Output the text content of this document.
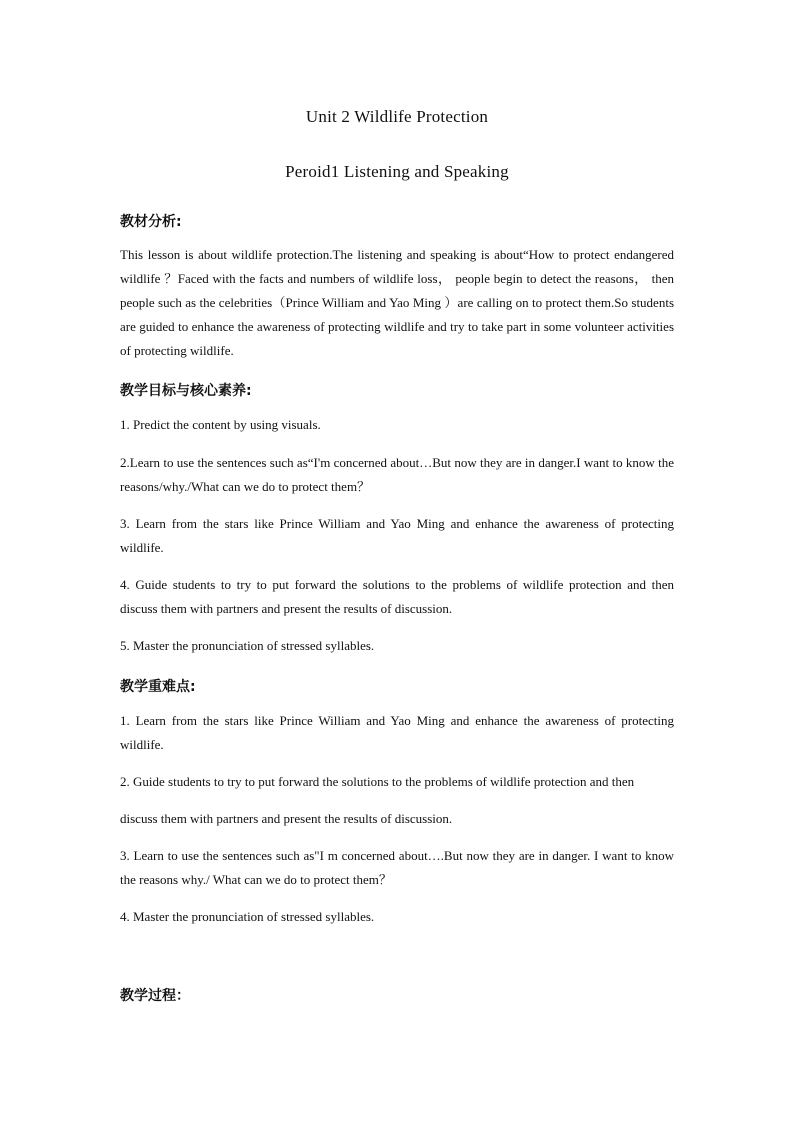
Unit 2 Wildlife Protection
Peroid1 Listening and Speaking
教材分析:

This lesson is about wildlife protection.The listening and speaking is about“How to protect endangered wildlife ？Faced with the facts and numbers of wildlife loss， people begin to detect the reasons， then people such as the celebrities（Prince William and Yao Ming ）are calling on to protect them.So students are guided to enhance the awareness of protecting wildlife and try to take part in some volunteer activities of protecting wildlife.

教学目标与核心素养:

1. Predict the content by using visuals.

2.Learn to use the sentences such as“I'm concerned about…But now they are in danger.I want to know the reasons/why./What can we do to protect them？

3. Learn from the stars like Prince William and Yao Ming and enhance the awareness of protecting wildlife.

4. Guide students to try to put forward the solutions to the problems of wildlife protection and then discuss them with partners and present the results of discussion.

5. Master the pronunciation of stressed syllables.

教学重难点:

1. Learn from the stars like Prince William and Yao Ming and enhance the awareness of protecting wildlife.

2. Guide students to try to put forward the solutions to the problems of wildlife protection and then

discuss them with partners and present the results of discussion.

3. Learn to use the sentences such as"I m concerned about….But now they are in danger. I want to know the reasons why./ What can we do to protect them？

4. Master the pronunciation of stressed syllables.

教学过程：
